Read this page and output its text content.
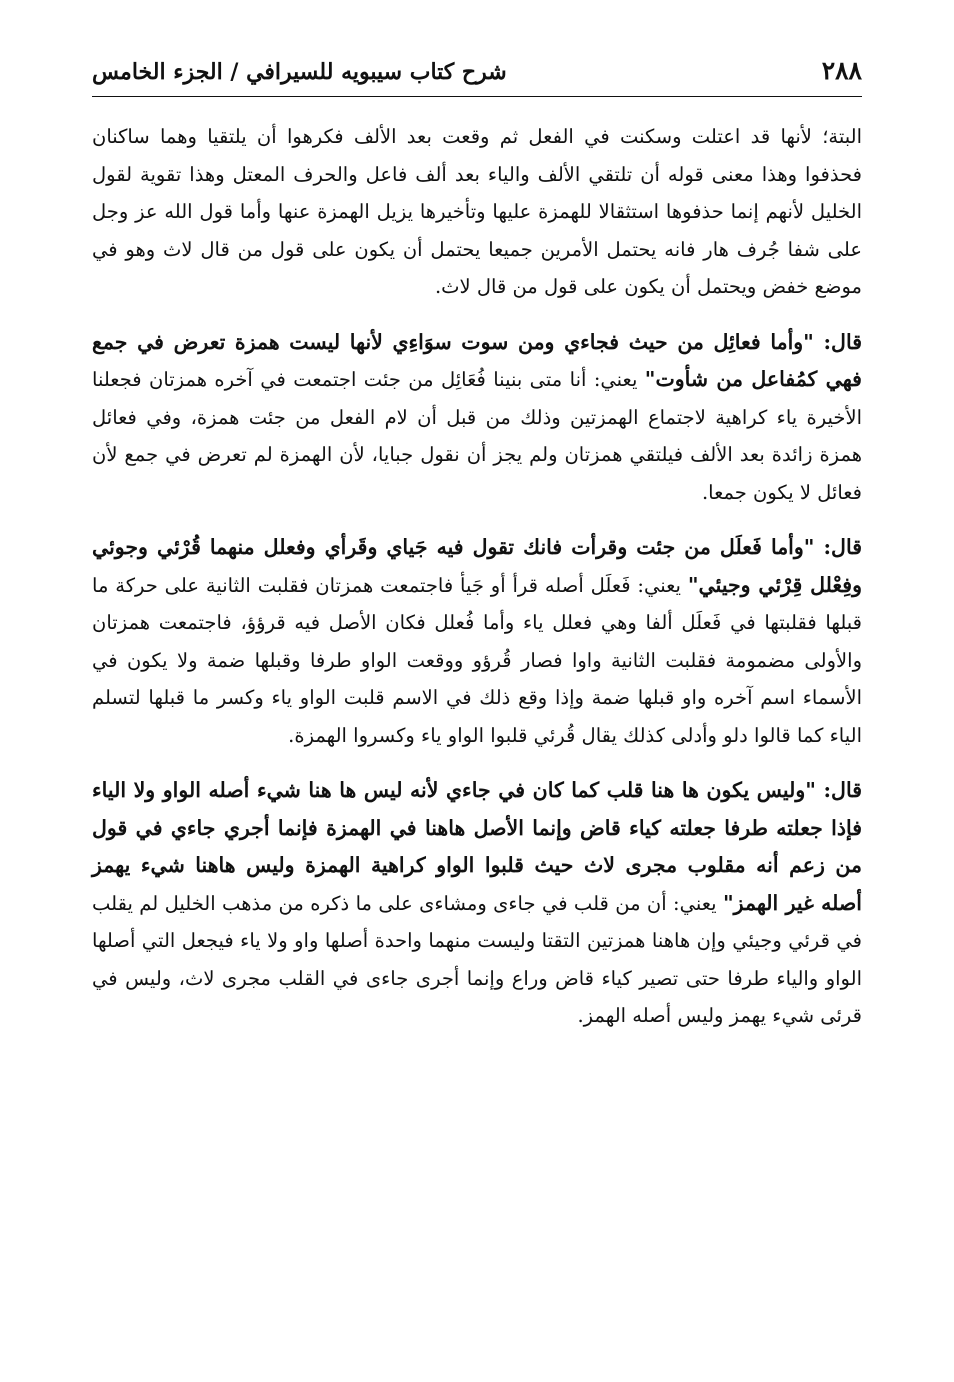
٢٨٨
شرح كتاب سيبويه للسيرافي / الجزء الخامس

البتة؛ لأنها قد اعتلت وسكنت في الفعل ثم وقعت بعد الألف فكرهوا أن يلتقيا وهما ساكنان فحذفوا وهذا معنى قوله أن تلتقي الألف والياء بعد ألف فاعل والحرف المعتل وهذا تقوية لقول الخليل لأنهم إنما حذفوها استثقالا للهمزة عليها وتأخيرها يزيل الهمزة عنها وأما قول الله عز وجل على شفا جُرف هار فانه يحتمل الأمرين جميعا يحتمل أن يكون على قول من قال لاث وهو في موضع خفض ويحتمل أن يكون على قول من قال لاث.

قال: "وأما فعائِل من حيث فجاءي ومن سوت سوَاءِي لأنها ليست همزة تعرض في جمع فهي كمُفاعل من شأوت" يعني: أنا متى بنينا فُعَائِل من جئت اجتمعت في آخره همزتان فجعلنا الأخيرة ياء كراهية لاجتماع الهمزتين وذلك من قبل أن لام الفعل من جئت همزة، وفي فعائل همزة زائدة بعد الألف فيلتقي همزتان ولم يجز أن نقول جبايا، لأن الهمزة لم تعرض في جمع لأن فعائل لا يكون جمعا.

قال: "وأما فَعلَل من جئت وقرأت فانك تقول فيه جَياي وقَرأي وفعلل منهما قُرْئي وجوئي وفِعْلل قِرْئي وجيئي" يعني: فَعلَل أصله قرأ أو جَيأ فاجتمعت همزتان فقلبت الثانية على حركة ما قبلها فقلبتها في فَعلَل ألفا وهي فعلل ياء وأما فُعلل فكان الأصل فيه قرؤؤ، فاجتمعت همزتان والأولى مضمومة فقلبت الثانية واوا فصار قُرؤو ووقعت الواو طرفا وقبلها ضمة ولا يكون في الأسماء اسم آخره واو قبلها ضمة وإذا وقع ذلك في الاسم قلبت الواو ياء وكسر ما قبلها لتسلم الياء كما قالوا دلو وأدلى كذلك يقال قُرئي قلبوا الواو ياء وكسروا الهمزة.

قال: "وليس يكون ها هنا قلب كما كان في جاءي لأنه ليس ها هنا شيء أصله الواو ولا الياء فإذا جعلته طرفا جعلته كياء قاض وإنما الأصل هاهنا في الهمزة فإنما أجري جاءي في قول من زعم أنه مقلوب مجرى لاث حيث قلبوا الواو كراهية الهمزة وليس هاهنا شيء يهمز أصله غير الهمز" يعني: أن من قلب في جاءى ومشاءى على ما ذكره من مذهب الخليل لم يقلب في قرئي وجيئي وإن هاهنا همزتين التقتا وليست منهما واحدة أصلها واو ولا ياء فيجعل التي أصلها الواو والياء طرفا حتى تصير كياء قاض وراع وإنما أجرى جاءى في القلب مجرى لاث، وليس في قرئى شيء يهمز وليس أصله الهمز.
